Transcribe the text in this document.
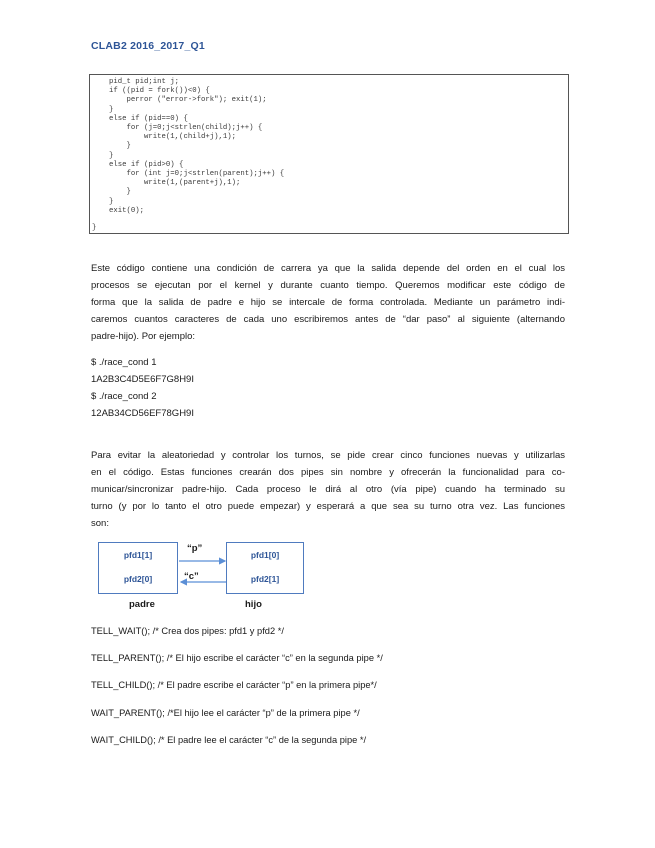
CLAB2 2016_2017_Q1
pid_t pid;int j;
if ((pid = fork())<0) {
perror ("error->fork"); exit(1);
}
else if (pid==0) {
for (j=0;j<strlen(child);j++) {
write(1,(child+j),1);
}
}
else if (pid>0) {
for (int j=0;j<strlen(parent);j++) {
write(1,(parent+j),1);
}
}
exit(0);
}
Este código contiene una condición de carrera ya que la salida depende del orden en el cual los
procesos se ejecutan por el kernel y durante cuanto tiempo. Queremos modificar este código de
forma que la salida de padre e hijo se intercale de forma controlada. Mediante un parámetro indi-
caremos cuantos caracteres de cada uno escribiremos antes de “dar paso” al siguiente (alternando
padre-hijo). Por ejemplo:
$ ./race_cond 1
1A2B3C4D5E6F7G8H9I
$ ./race_cond 2
12AB34CD56EF78GH9I
Para evitar la aleatoriedad y controlar los turnos, se pide crear cinco funciones nuevas y utilizarlas
en el código. Estas funciones crearán dos pipes sin nombre y ofrecerán la funcionalidad para co-
municar/sincronizar padre-hijo. Cada proceso le dirá al otro (vía pipe) cuando ha terminado su
turno (y por lo tanto el otro puede empezar) y esperará a que sea su turno otra vez. Las funciones
son:
pfd1[1]
pfd2[0]
pfd1[0]
pfd2[1]
“p”
“c”
padre	hijo
TELL_WAIT(); /* Crea dos pipes: pfd1 y pfd2 */
TELL_PARENT(); /* El hijo escribe el carácter “c” en la segunda pipe */
TELL_CHILD(); /* El padre escribe el carácter “p” en la primera pipe*/
WAIT_PARENT(); /*El hijo lee el carácter “p” de la primera pipe */
WAIT_CHILD(); /* El padre lee el carácter “c” de la segunda pipe */
